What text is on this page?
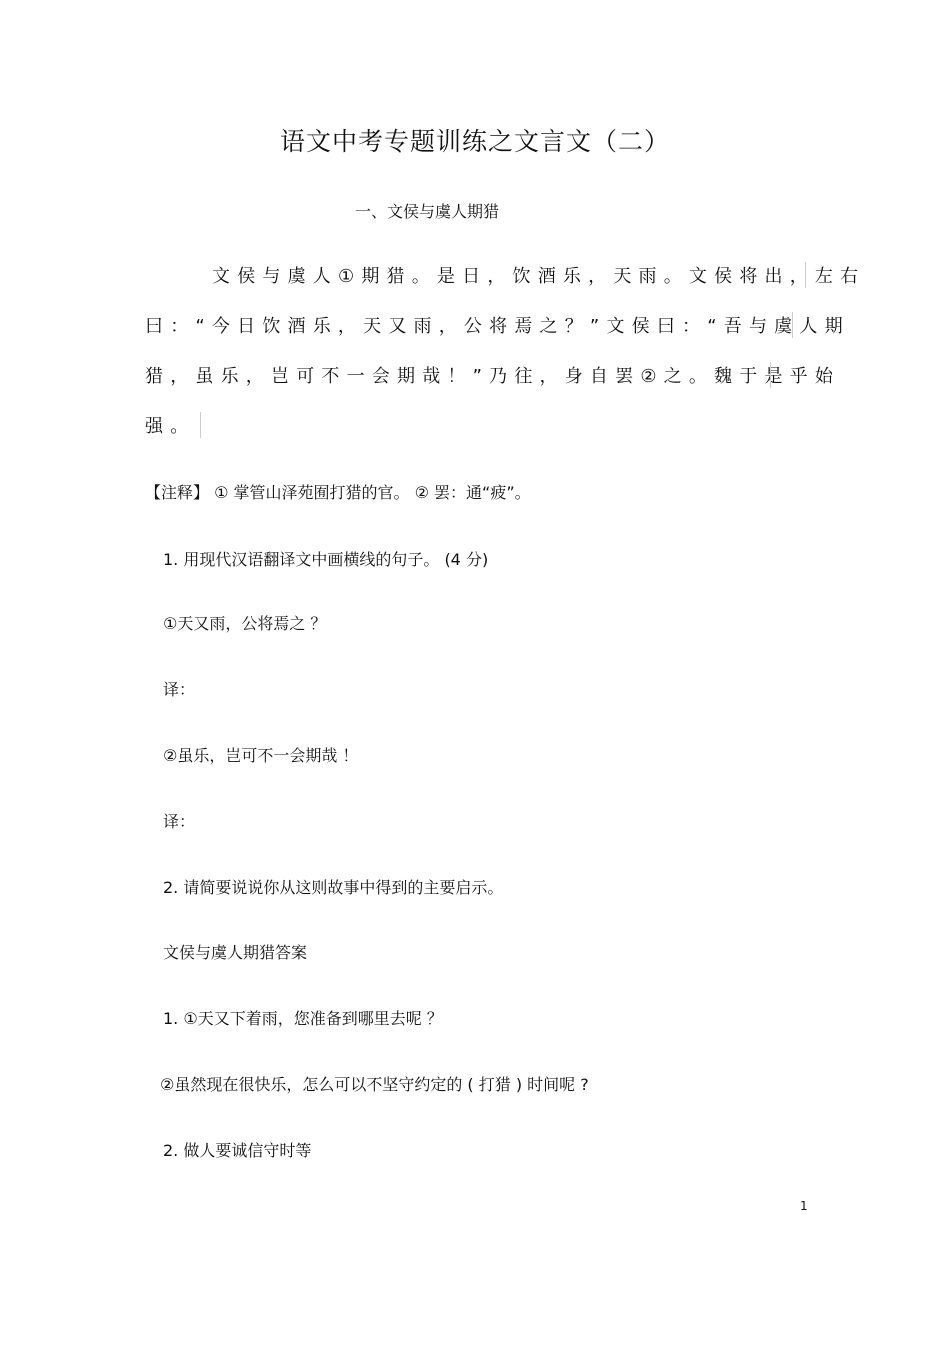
语文中考专题训练之文言文（二）
一、文侯与虞人期猎
文侯与虞人①期猎。是日，饮酒乐，天雨。文侯将出，左右
曰：“今日饮酒乐，天又雨，公将焉之？”文侯曰：“吾与虞人期
猎，虽乐，岂可不一会期哉！”乃往，身自罢②之。魏于是乎始
强。
【注释】 ① 掌管山泽苑囿打猎的官。 ② 罢：通“疲”。
1. 用现代汉语翻译文中画横线的句子。 (4 分)
①天又雨，公将焉之 ？
译：
②虽乐，岂可不一会期哉 ！
译：
2. 请简要说说你从这则故事中得到的主要启示。
文侯与虞人期猎答案
1. ①天又下着雨，您准备到哪里去呢 ？
②虽然现在很快乐，怎么可以不坚守约定的 ( 打猎 ) 时间呢 ?
2. 做人要诚信守时等
1
